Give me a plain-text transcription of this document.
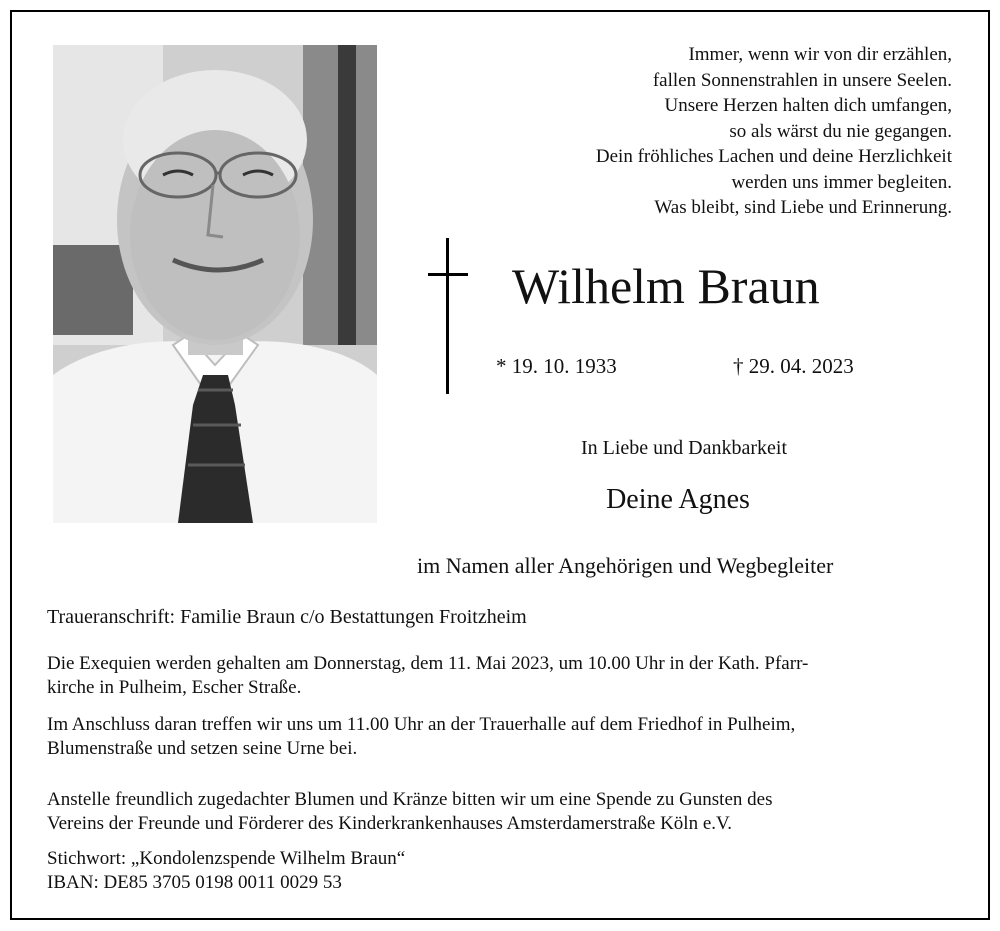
Immer, wenn wir von dir erzählen,
fallen Sonnenstrahlen in unsere Seelen.
Unsere Herzen halten dich umfangen,
so als wärst du nie gegangen.
Dein fröhliches Lachen und deine Herzlichkeit
werden uns immer begleiten.
Was bleibt, sind Liebe und Erinnerung.
Wilhelm Braun
* 19. 10. 1933	† 29. 04. 2023
In Liebe und Dankbarkeit
Deine Agnes
im Namen aller Angehörigen und Wegbegleiter
Traueranschrift: Familie Braun c/o Bestattungen Froitzheim
Die Exequien werden gehalten am Donnerstag, dem 11. Mai 2023, um 10.00 Uhr in der Kath. Pfarr-
kirche in Pulheim, Escher Straße.
Im Anschluss daran treffen wir uns um 11.00 Uhr an der Trauerhalle auf dem Friedhof in Pulheim,
Blumenstraße und setzen seine Urne bei.
Anstelle freundlich zugedachter Blumen und Kränze bitten wir um eine Spende zu Gunsten des
Vereins der Freunde und Förderer des Kinderkrankenhauses Amsterdamerstraße Köln e.V.
Stichwort: „Kondolenzspende Wilhelm Braun“
IBAN: DE85 3705 0198 0011 0029 53
